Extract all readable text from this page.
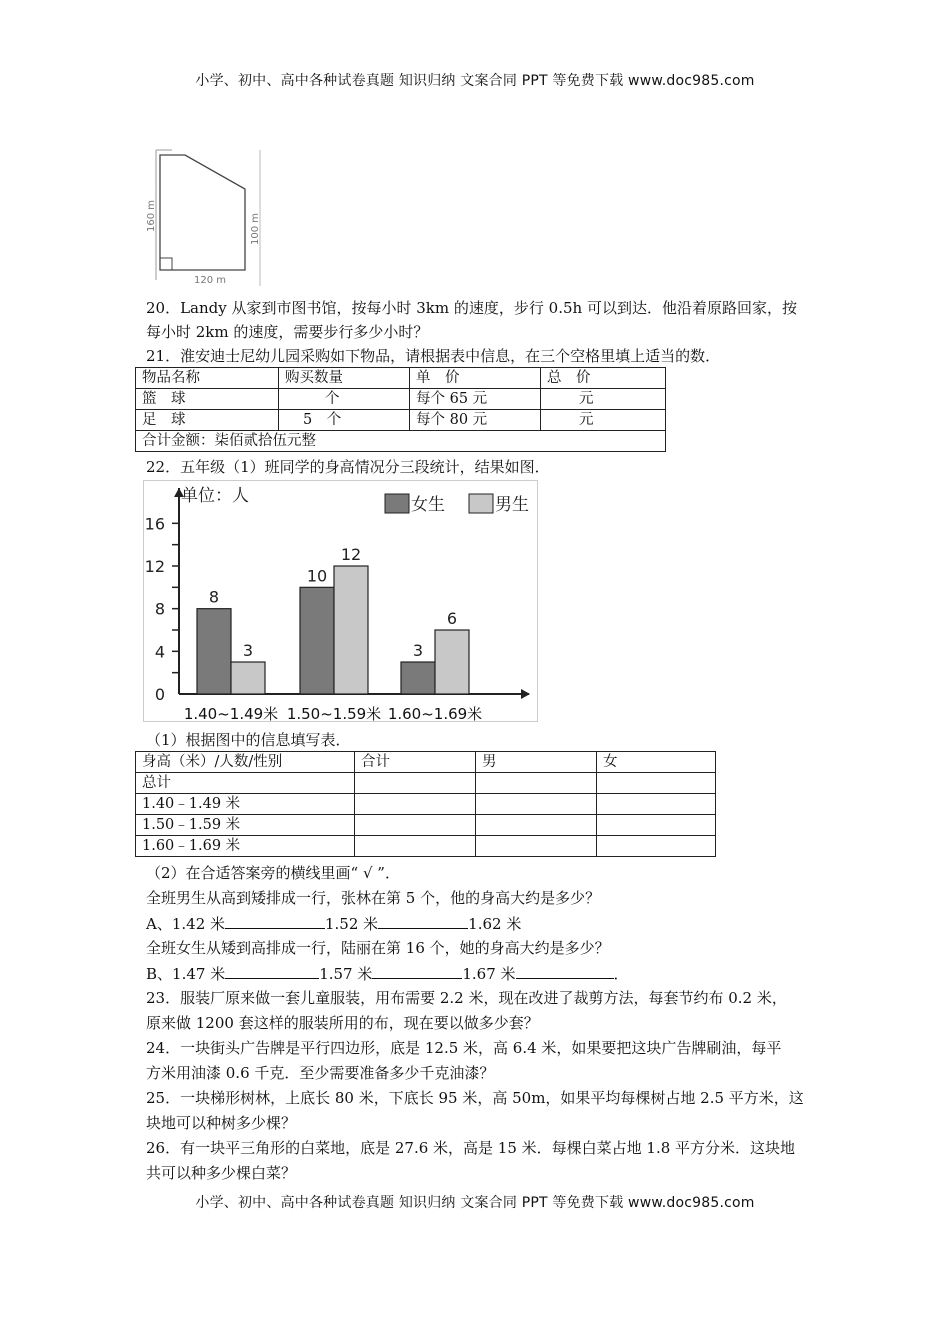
小学、初中、高中各种试卷真题 知识归纳 文案合同 PPT 等免费下载 www.doc985.com
160 m	100 m
120 m
20．Landy 从家到市图书馆，按每小时 3km 的速度，步行 0.5h 可以到达．他沿着原路回家，按
每小时 2km 的速度，需要步行多少小时？
21．淮安迪士尼幼儿园采购如下物品，请根据表中信息，在三个空格里填上适当的数．
物品名称	购买数量	单　价	总　价
篮　球	个	每个 65 元	元
足　球	5　个	每个 80 元	元
合计金额：柒佰贰拾伍元整			
22．五年级（1）班同学的身高情况分三段统计，结果如图．
0
4
8
12
16
单位：人	女生	男生
8
3
1.40~1.49米
10
12
1.50~1.59米
3
6
1.60~1.69米
（1）根据图中的信息填写表．
身高（米）/人数/性别	合计	男	女
总计			
1.40﹣1.49 米			
1.50﹣1.59 米			
1.60﹣1.69 米			
（2）在合适答案旁的横线里画“ √ ”．
全班男生从高到矮排成一行，张林在第 5 个，他的身高大约是多少？
A、1.42 米	1.52 米	1.62 米
全班女生从矮到高排成一行，陆丽在第 16 个，她的身高大约是多少？
B、1.47 米	1.57 米	1.67 米	．
23．服装厂原来做一套儿童服装，用布需要 2.2 米，现在改进了裁剪方法，每套节约布 0.2 米，
原来做 1200 套这样的服装所用的布，现在要以做多少套？
24．一块街头广告牌是平行四边形，底是 12.5 米，高 6.4 米，如果要把这块广告牌刷油，每平
方米用油漆 0.6 千克．至少需要准备多少千克油漆？
25．一块梯形树林，上底长 80 米，下底长 95 米，高 50m，如果平均每棵树占地 2.5 平方米，这
块地可以种树多少棵？
26．有一块平三角形的白菜地，底是 27.6 米，高是 15 米．每棵白菜占地 1.8 平方分米．这块地
共可以种多少棵白菜？
小学、初中、高中各种试卷真题 知识归纳 文案合同 PPT 等免费下载 www.doc985.com
